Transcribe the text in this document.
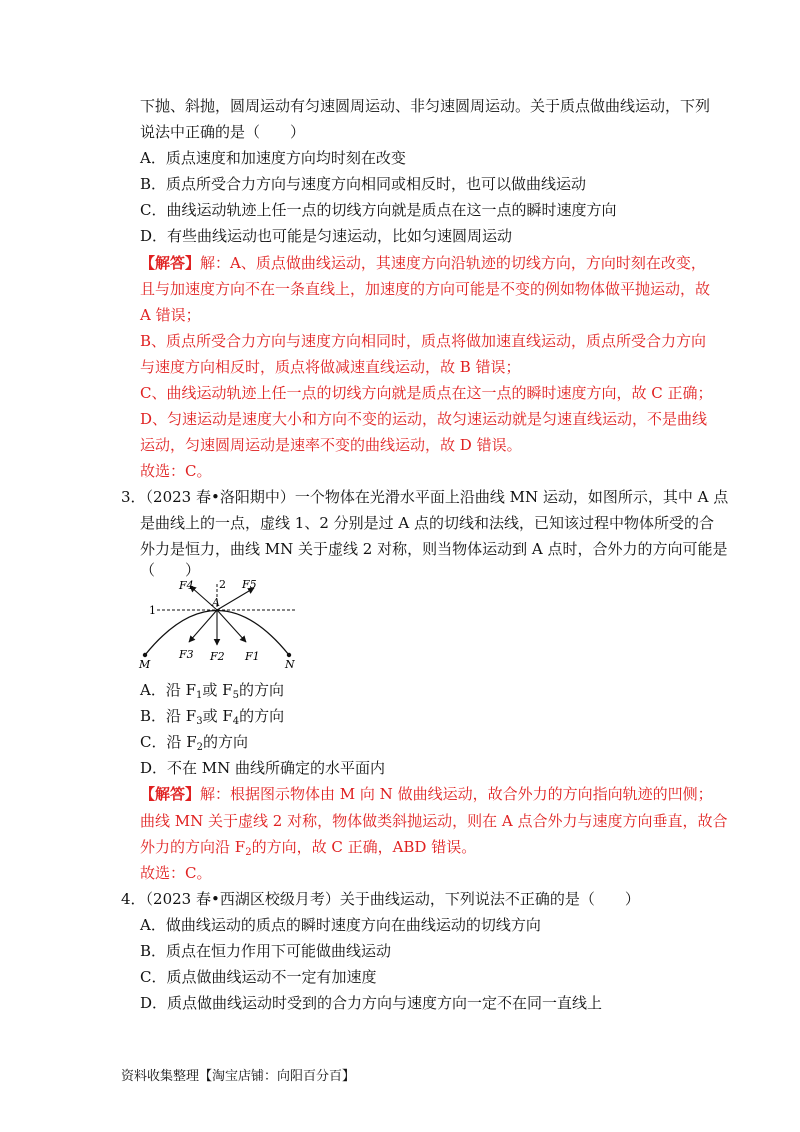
下抛、斜抛，圆周运动有匀速圆周运动、非匀速圆周运动。关于质点做曲线运动，下列
说法中正确的是（　　）
A．质点速度和加速度方向均时刻在改变
B．质点所受合力方向与速度方向相同或相反时，也可以做曲线运动
C．曲线运动轨迹上任一点的切线方向就是质点在这一点的瞬时速度方向
D．有些曲线运动也可能是匀速运动，比如匀速圆周运动
【解答】解：A、质点做曲线运动，其速度方向沿轨迹的切线方向，方向时刻在改变，
且与加速度方向不在一条直线上，加速度的方向可能是不变的例如物体做平抛运动，故
A 错误；
B、质点所受合力方向与速度方向相同时，质点将做加速直线运动，质点所受合力方向
与速度方向相反时，质点将做减速直线运动，故 B 错误；
C、曲线运动轨迹上任一点的切线方向就是质点在这一点的瞬时速度方向，故 C 正确；
D、匀速运动是速度大小和方向不变的运动，故匀速运动就是匀速直线运动，不是曲线
运动，匀速圆周运动是速率不变的曲线运动，故 D 错误。
故选：C。
3．（2023 春•洛阳期中）一个物体在光滑水平面上沿曲线 MN 运动，如图所示，其中 A 点
是曲线上的一点，虚线 1、2 分别是过 A 点的切线和法线，已知该过程中物体所受的合
外力是恒力，曲线 MN 关于虚线 2 对称，则当物体运动到 A 点时，合外力的方向可能是
（　　）
F4 2 F5
A
1
M
F3 F2 F1
N
A．沿 $F_1$或 $F_5$的方向
B．沿 $F_3$或 $F_4$的方向
C．沿 $F_2$的方向
D．不在 MN 曲线所确定的水平面内
【解答】解：根据图示物体由 M 向 N 做曲线运动，故合外力的方向指向轨迹的凹侧；
曲线 MN 关于虚线 2 对称，物体做类斜抛运动，则在 A 点合外力与速度方向垂直，故合
外力的方向沿 $F_2$的方向，故 C 正确，ABD 错误。
故选：C。
4．（2023 春•西湖区校级月考）关于曲线运动，下列说法不正确的是（　　）
A．做曲线运动的质点的瞬时速度方向在曲线运动的切线方向
B．质点在恒力作用下可能做曲线运动
C．质点做曲线运动不一定有加速度
D．质点做曲线运动时受到的合力方向与速度方向一定不在同一直线上
资料收集整理【淘宝店铺：向阳百分百】
